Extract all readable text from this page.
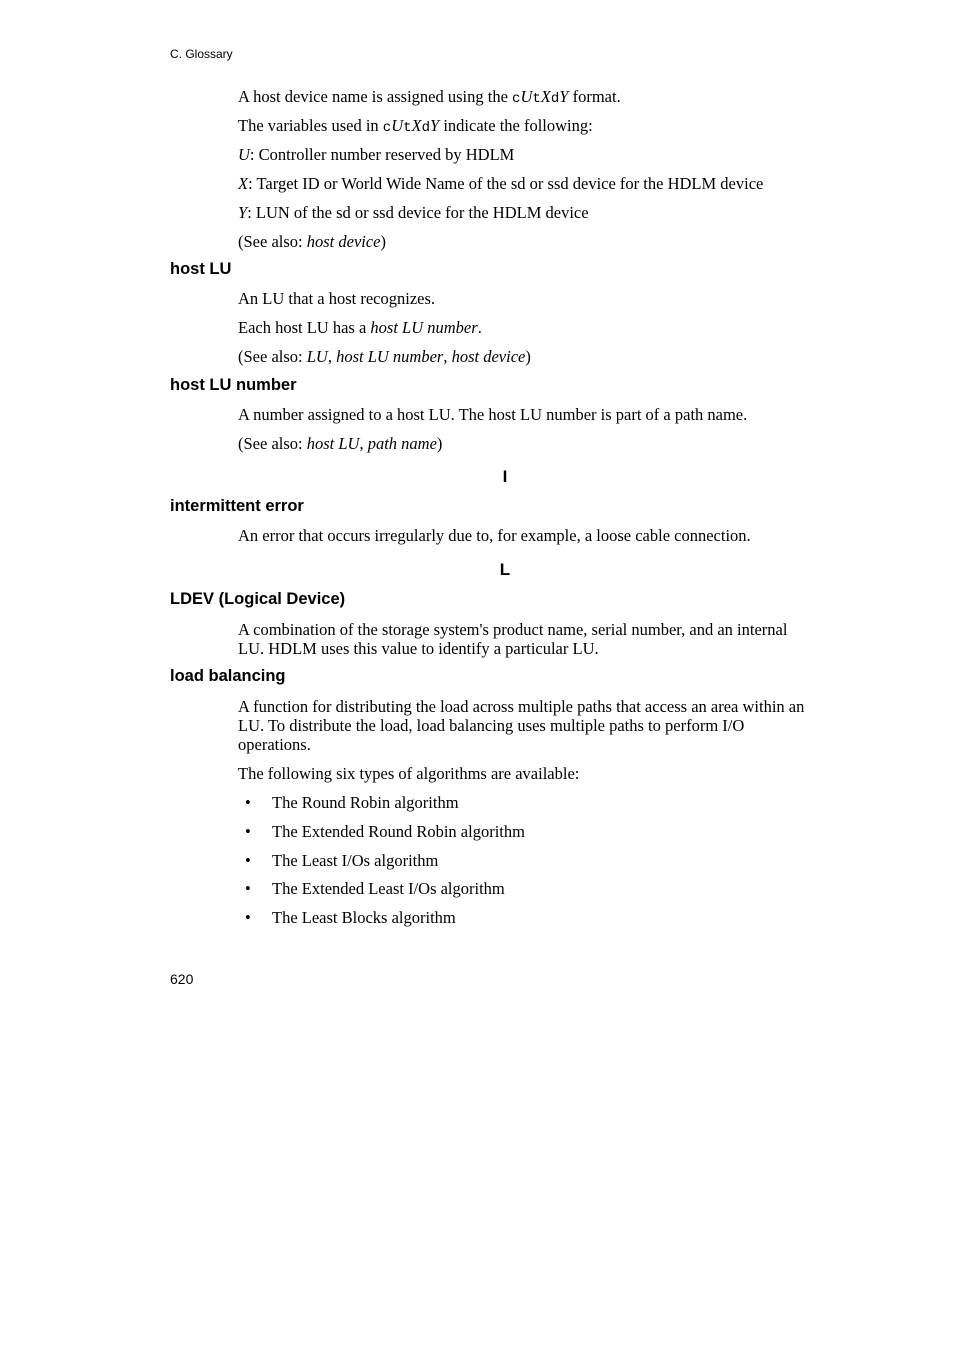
C. Glossary
A host device name is assigned using the cUtXdY format.
The variables used in cUtXdY indicate the following:
U: Controller number reserved by HDLM
X: Target ID or World Wide Name of the sd or ssd device for the HDLM device
Y: LUN of the sd or ssd device for the HDLM device
(See also: host device)
host LU
An LU that a host recognizes.
Each host LU has a host LU number.
(See also: LU, host LU number, host device)
host LU number
A number assigned to a host LU. The host LU number is part of a path name.
(See also: host LU, path name)
I
intermittent error
An error that occurs irregularly due to, for example, a loose cable connection.
L
LDEV (Logical Device)
A combination of the storage system's product name, serial number, and an internal
LU. HDLM uses this value to identify a particular LU.
load balancing
A function for distributing the load across multiple paths that access an area within an
LU. To distribute the load, load balancing uses multiple paths to perform I/O
operations.
The following six types of algorithms are available:
• The Round Robin algorithm
• The Extended Round Robin algorithm
• The Least I/Os algorithm
• The Extended Least I/Os algorithm
• The Least Blocks algorithm
620
